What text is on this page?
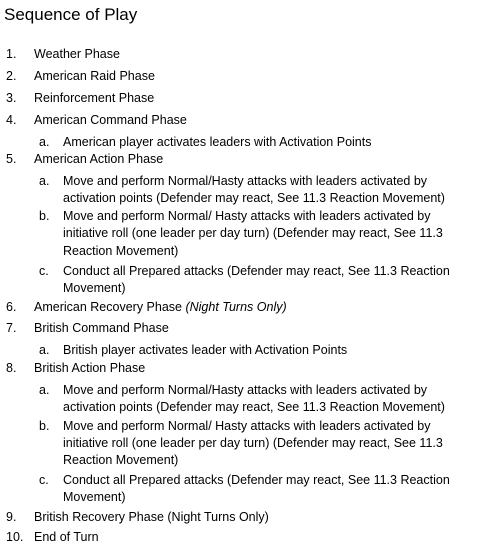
Sequence of Play
1. Weather Phase
2. American Raid Phase
3. Reinforcement Phase
4. American Command Phase
a. American player activates leaders with Activation Points
5. American Action Phase
a. Move and perform Normal/Hasty attacks with leaders activated by
activation points (Defender may react, See 11.3 Reaction Movement)
b. Move and perform Normal/ Hasty attacks with leaders activated by
initiative roll (one leader per day turn) (Defender may react, See 11.3
Reaction Movement)
c. Conduct all Prepared attacks (Defender may react, See 11.3 Reaction
Movement)
6. American Recovery Phase (Night Turns Only)
7. British Command Phase
a. British player activates leader with Activation Points
8. British Action Phase
a. Move and perform Normal/Hasty attacks with leaders activated by
activation points (Defender may react, See 11.3 Reaction Movement)
b. Move and perform Normal/ Hasty attacks with leaders activated by
initiative roll (one leader per day turn) (Defender may react, See 11.3
Reaction Movement)
c. Conduct all Prepared attacks (Defender may react, See 11.3 Reaction
Movement)
9. British Recovery Phase (Night Turns Only)
10. End of Turn
